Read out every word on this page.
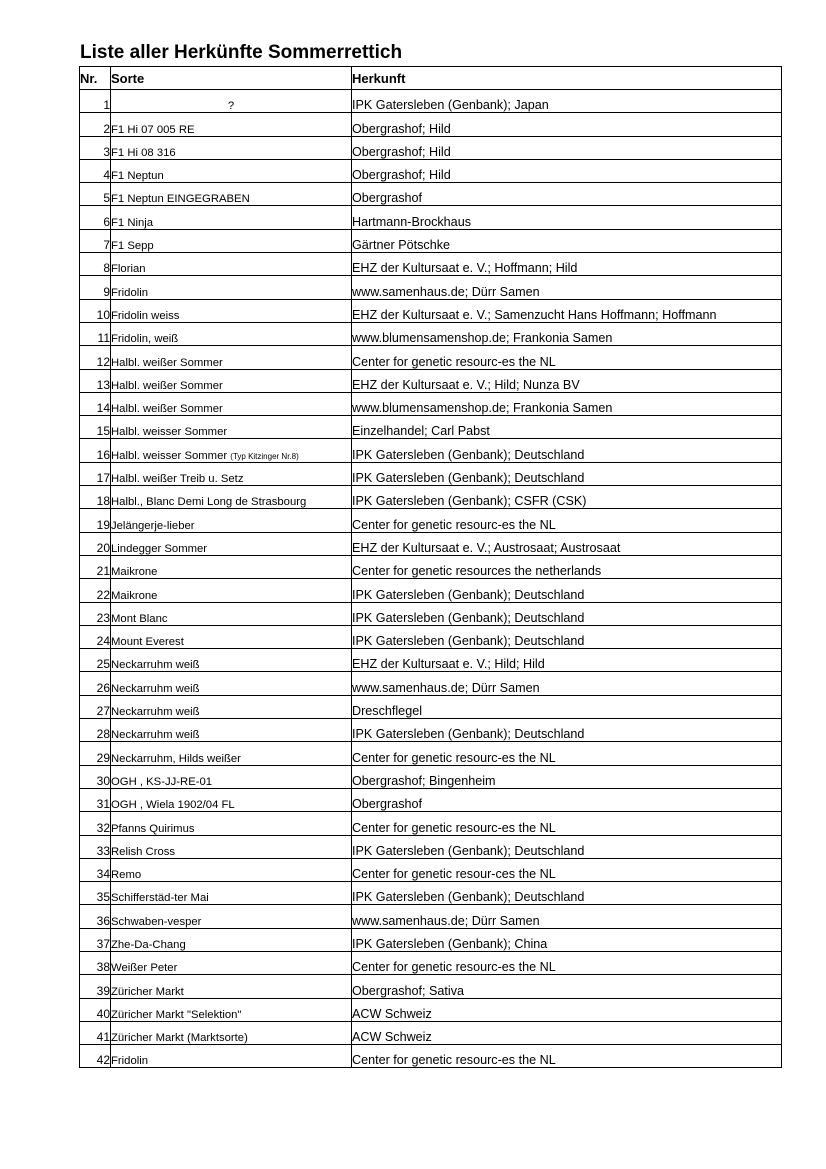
Liste aller Herkünfte Sommerrettich
Nr.	Sorte	Herkunft
1	?	IPK Gatersleben (Genbank); Japan
2	F1 Hi 07 005 RE	Obergrashof; Hild
3	F1 Hi 08 316	Obergrashof; Hild
4	F1 Neptun	Obergrashof; Hild
5	F1 Neptun EINGEGRABEN	Obergrashof
6	F1 Ninja	Hartmann-Brockhaus
7	F1 Sepp	Gärtner Pötschke
8	Florian	EHZ der Kultursaat e. V.; Hoffmann; Hild
9	Fridolin	www.samenhaus.de; Dürr Samen
10	Fridolin weiss	EHZ der Kultursaat e. V.; Samenzucht Hans Hoffmann; Hoffmann
11	Fridolin, weiß	www.blumensamenshop.de; Frankonia Samen
12	Halbl. weißer Sommer	Center for genetic resourc-es the NL
13	Halbl. weißer Sommer	EHZ der Kultursaat e. V.; Hild; Nunza BV
14	Halbl. weißer Sommer	www.blumensamenshop.de; Frankonia Samen
15	Halbl. weisser Sommer	Einzelhandel; Carl Pabst
16	Halbl. weisser Sommer (Typ Kitzinger Nr.8)	IPK Gatersleben (Genbank); Deutschland
17	Halbl. weißer Treib u. Setz	IPK Gatersleben (Genbank); Deutschland
18	Halbl., Blanc Demi Long de Strasbourg	IPK Gatersleben (Genbank); CSFR (CSK)
19	Jelängerje-lieber	Center for genetic resourc-es the NL
20	Lindegger Sommer	EHZ der Kultursaat e. V.; Austrosaat; Austrosaat
21	Maikrone	Center for genetic resources the netherlands
22	Maikrone	IPK Gatersleben (Genbank); Deutschland
23	Mont Blanc	IPK Gatersleben (Genbank); Deutschland
24	Mount Everest	IPK Gatersleben (Genbank); Deutschland
25	Neckarruhm weiß	EHZ der Kultursaat e. V.; Hild; Hild
26	Neckarruhm weiß	www.samenhaus.de; Dürr Samen
27	Neckarruhm weiß	Dreschflegel
28	Neckarruhm weiß	IPK Gatersleben (Genbank); Deutschland
29	Neckarruhm, Hilds weißer	Center for genetic resourc-es the NL
30	OGH , KS-JJ-RE-01	Obergrashof; Bingenheim
31	OGH , Wiela 1902/04 FL	Obergrashof
32	Pfanns Quirimus	Center for genetic resourc-es the NL
33	Relish Cross	IPK Gatersleben (Genbank); Deutschland
34	Remo	Center for genetic resour-ces the NL
35	Schifferstäd-ter Mai	IPK Gatersleben (Genbank); Deutschland
36	Schwaben-vesper	www.samenhaus.de; Dürr Samen
37	Zhe-Da-Chang	IPK Gatersleben (Genbank); China
38	Weißer Peter	Center for genetic resourc-es the NL
39	Züricher Markt	Obergrashof; Sativa
40	Züricher Markt "Selektion"	ACW Schweiz
41	Züricher Markt (Marktsorte)	ACW Schweiz
42	Fridolin	Center for genetic resourc-es the NL
